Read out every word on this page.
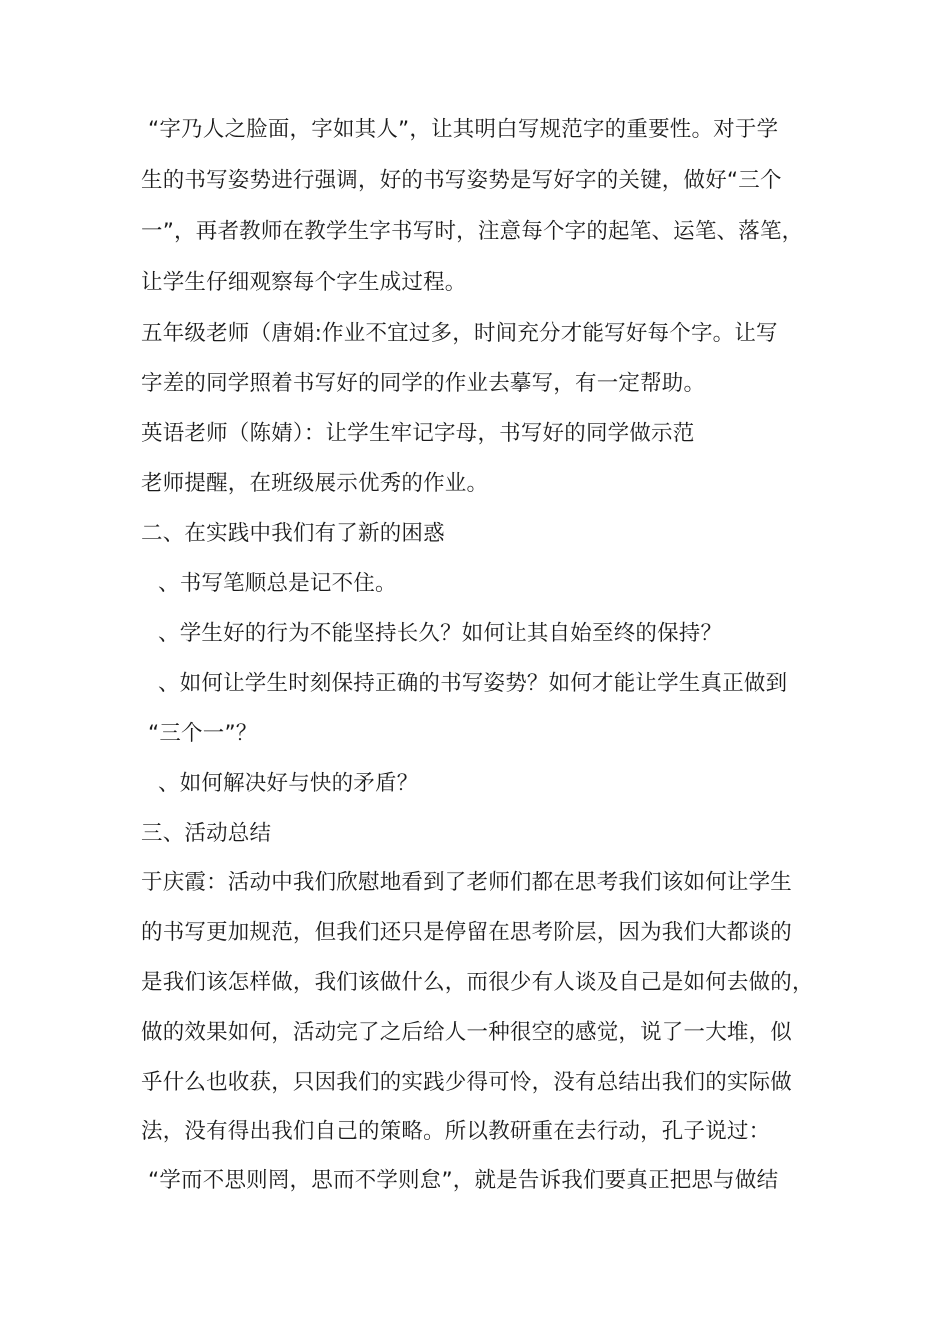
“字乃人之脸面，字如其人”，让其明白写规范字的重要性。对于学
生的书写姿势进行强调，好的书写姿势是写好字的关键，做好“三个
一”，再者教师在教学生字书写时，注意每个字的起笔、运笔、落笔，
让学生仔细观察每个字生成过程。
五年级老师（唐娟:作业不宜过多，时间充分才能写好每个字。让写
字差的同学照着书写好的同学的作业去摹写，有一定帮助。
英语老师（陈婧）：让学生牢记字母，书写好的同学做示范
老师提醒，在班级展示优秀的作业。
二、在实践中我们有了新的困惑
、书写笔顺总是记不住。
、学生好的行为不能坚持长久？如何让其自始至终的保持？
、如何让学生时刻保持正确的书写姿势？如何才能让学生真正做到
“三个一”？
、如何解决好与快的矛盾？
三、活动总结
于庆霞：活动中我们欣慰地看到了老师们都在思考我们该如何让学生
的书写更加规范，但我们还只是停留在思考阶层，因为我们大都谈的
是我们该怎样做，我们该做什么，而很少有人谈及自己是如何去做的，
做的效果如何，活动完了之后给人一种很空的感觉，说了一大堆，似
乎什么也收获，只因我们的实践少得可怜，没有总结出我们的实际做
法，没有得出我们自己的策略。所以教研重在去行动，孔子说过：
“学而不思则罔，思而不学则怠”，就是告诉我们要真正把思与做结
